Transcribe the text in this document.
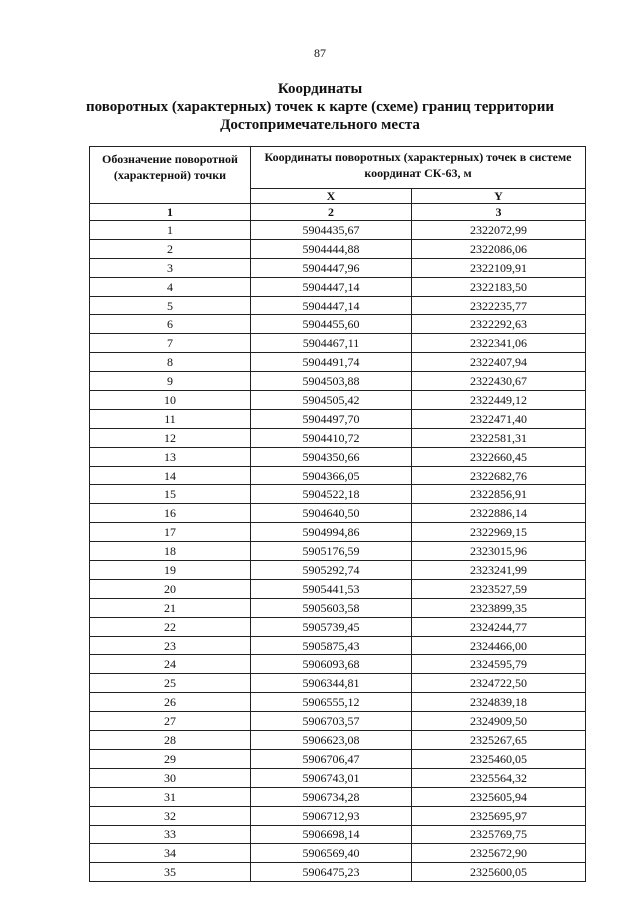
87
Координаты
поворотных (характерных) точек к карте (схеме) границ территории
Достопримечательного места
Обозначение поворотной (характерной) точки	Координаты поворотных (характерных) точек в системе координат СК-63, м	
	X	Y
1	2	3
1	5904435,67	2322072,99
2	5904444,88	2322086,06
3	5904447,96	2322109,91
4	5904447,14	2322183,50
5	5904447,14	2322235,77
6	5904455,60	2322292,63
7	5904467,11	2322341,06
8	5904491,74	2322407,94
9	5904503,88	2322430,67
10	5904505,42	2322449,12
11	5904497,70	2322471,40
12	5904410,72	2322581,31
13	5904350,66	2322660,45
14	5904366,05	2322682,76
15	5904522,18	2322856,91
16	5904640,50	2322886,14
17	5904994,86	2322969,15
18	5905176,59	2323015,96
19	5905292,74	2323241,99
20	5905441,53	2323527,59
21	5905603,58	2323899,35
22	5905739,45	2324244,77
23	5905875,43	2324466,00
24	5906093,68	2324595,79
25	5906344,81	2324722,50
26	5906555,12	2324839,18
27	5906703,57	2324909,50
28	5906623,08	2325267,65
29	5906706,47	2325460,05
30	5906743,01	2325564,32
31	5906734,28	2325605,94
32	5906712,93	2325695,97
33	5906698,14	2325769,75
34	5906569,40	2325672,90
35	5906475,23	2325600,05
